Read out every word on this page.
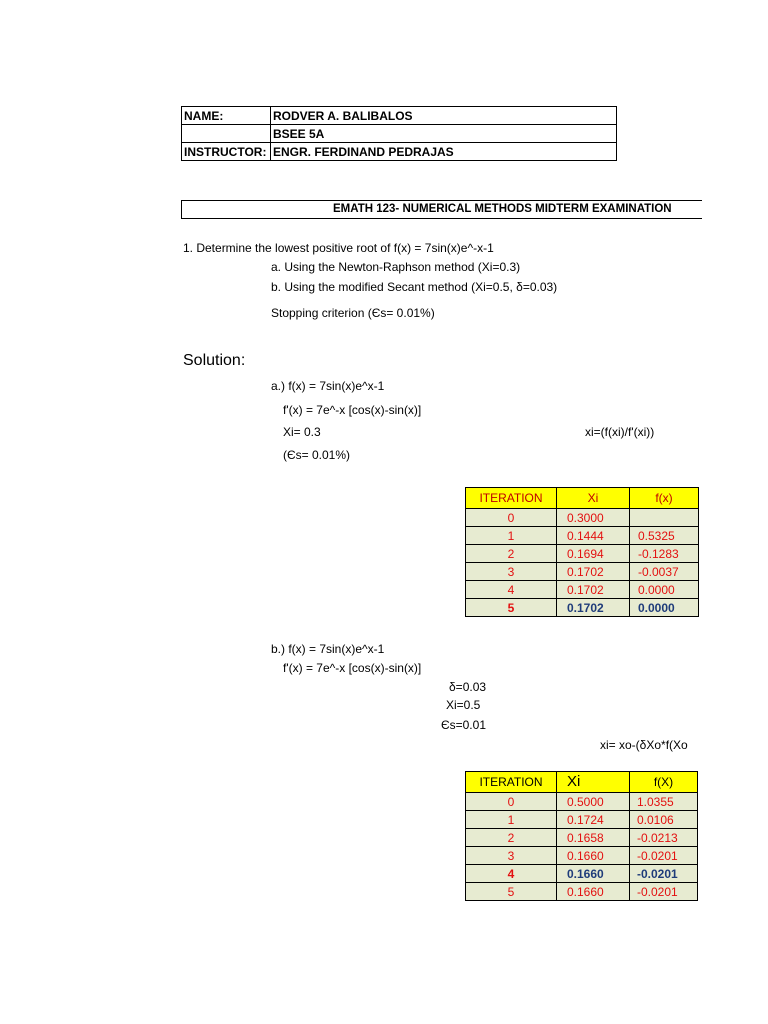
NAME:	RODVER A. BALIBALOS
	BSEE 5A
INSTRUCTOR:	ENGR. FERDINAND PEDRAJAS
EMATH 123- NUMERICAL METHODS MIDTERM EXAMINATION
1. Determine the lowest positive root of f(x) = 7sin(x)e^-x-1
a. Using the Newton-Raphson method (Xi=0.3)
b. Using the modified Secant method (Xi=0.5, δ=0.03)
Stopping criterion (Єs= 0.01%)
Solution:
a.) f(x) = 7sin(x)e^x-1
f'(x) = 7e^-x [cos(x)-sin(x)]
Xi= 0.3	xi=(f(xi)/f'(xi))
(Єs= 0.01%)
ITERATION	Xi	f(x)
0	0.3000	
1	0.1444	0.5325
2	0.1694	-0.1283
3	0.1702	-0.0037
4	0.1702	0.0000
5	0.1702	0.0000
b.) f(x) = 7sin(x)e^x-1
f'(x) = 7e^-x [cos(x)-sin(x)]
δ=0.03
Xi=0.5
Єs=0.01
xi= xo-(δXo*f(Xo
ITERATION	Xi	f(X)
0	0.5000	1.0355
1	0.1724	0.0106
2	0.1658	-0.0213
3	0.1660	-0.0201
4	0.1660	-0.0201
5	0.1660	-0.0201
